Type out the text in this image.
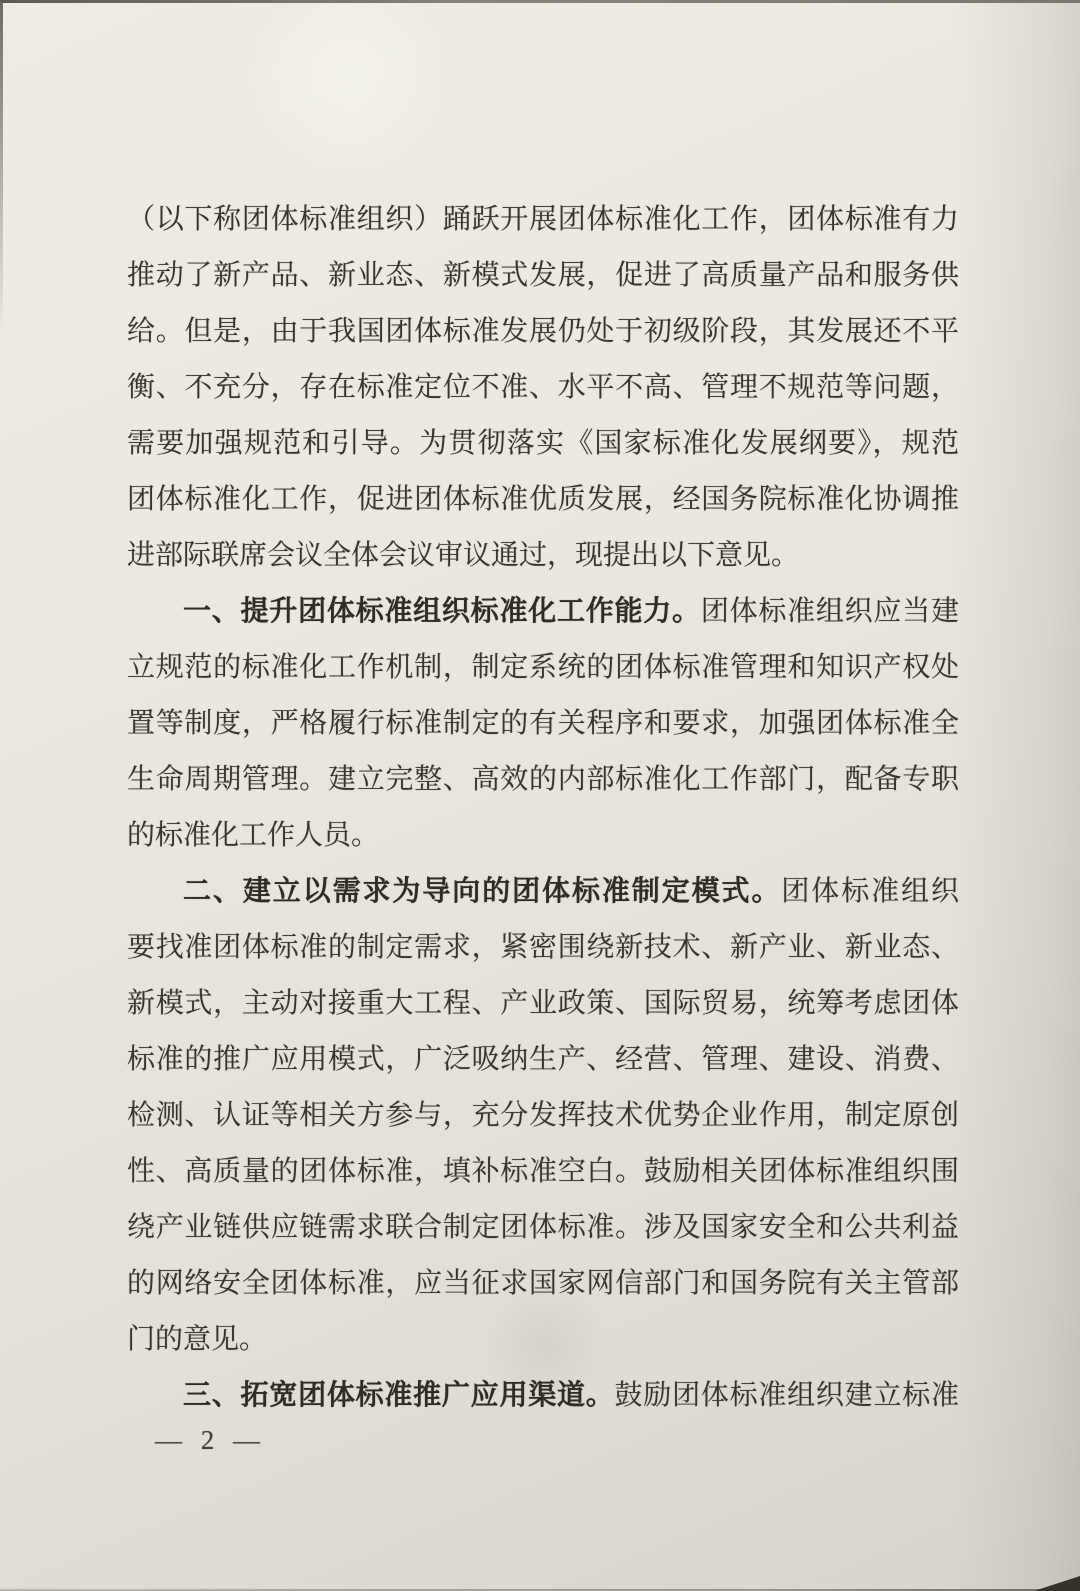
（以下称团体标准组织）踊跃开展团体标准化工作，团体标准有力
推动了新产品、新业态、新模式发展，促进了高质量产品和服务供
给。但是，由于我国团体标准发展仍处于初级阶段，其发展还不平
衡、不充分，存在标准定位不准、水平不高、管理不规范等问题，
需要加强规范和引导。为贯彻落实《国家标准化发展纲要》，规范
团体标准化工作，促进团体标准优质发展，经国务院标准化协调推
进部际联席会议全体会议审议通过，现提出以下意见。
一、提升团体标准组织标准化工作能力。团体标准组织应当建
立规范的标准化工作机制，制定系统的团体标准管理和知识产权处
置等制度，严格履行标准制定的有关程序和要求，加强团体标准全
生命周期管理。建立完整、高效的内部标准化工作部门，配备专职
的标准化工作人员。
二、建立以需求为导向的团体标准制定模式。团体标准组织
要找准团体标准的制定需求，紧密围绕新技术、新产业、新业态、
新模式，主动对接重大工程、产业政策、国际贸易，统筹考虑团体
标准的推广应用模式，广泛吸纳生产、经营、管理、建设、消费、
检测、认证等相关方参与，充分发挥技术优势企业作用，制定原创
性、高质量的团体标准，填补标准空白。鼓励相关团体标准组织围
绕产业链供应链需求联合制定团体标准。涉及国家安全和公共利益
的网络安全团体标准，应当征求国家网信部门和国务院有关主管部
门的意见。
三、拓宽团体标准推广应用渠道。鼓励团体标准组织建立标准
— 2 —
